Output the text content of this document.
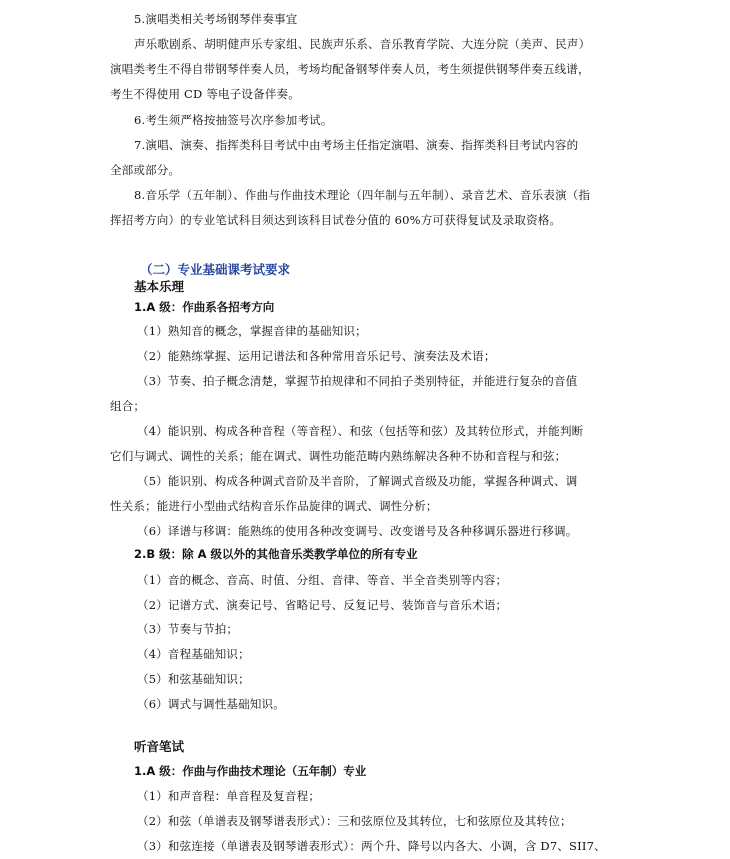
5.演唱类相关考场钢琴伴奏事宜
声乐歌剧系、胡明健声乐专家组、民族声乐系、音乐教育学院、大连分院（美声、民声）
演唱类考生不得自带钢琴伴奏人员，考场均配备钢琴伴奏人员，考生须提供钢琴伴奏五线谱，
考生不得使用 CD 等电子设备伴奏。
6.考生须严格按抽签号次序参加考试。
7.演唱、演奏、指挥类科目考试中由考场主任指定演唱、演奏、指挥类科目考试内容的
全部或部分。
8.音乐学（五年制）、作曲与作曲技术理论（四年制与五年制）、录音艺术、音乐表演（指
挥招考方向）的专业笔试科目须达到该科目试卷分值的 60%方可获得复试及录取资格。
（二）专业基础课考试要求
基本乐理
1.A 级：作曲系各招考方向
（1）熟知音的概念，掌握音律的基础知识；
（2）能熟练掌握、运用记谱法和各种常用音乐记号、演奏法及术语；
（3）节奏、拍子概念清楚，掌握节拍规律和不同拍子类别特征，并能进行复杂的音值
组合；
（4）能识别、构成各种音程（等音程）、和弦（包括等和弦）及其转位形式，并能判断
它们与调式、调性的关系；能在调式、调性功能范畴内熟练解决各种不协和音程与和弦；
（5）能识别、构成各种调式音阶及半音阶，了解调式音级及功能，掌握各种调式、调
性关系；能进行小型曲式结构音乐作品旋律的调式、调性分析；
（6）译谱与移调：能熟练的使用各种改变调号、改变谱号及各种移调乐器进行移调。
2.B 级：除 A 级以外的其他音乐类教学单位的所有专业
（1）音的概念、音高、时值、分组、音律、等音、半全音类别等内容；
（2）记谱方式、演奏记号、省略记号、反复记号、装饰音与音乐术语；
（3）节奏与节拍；
（4）音程基础知识；
（5）和弦基础知识；
（6）调式与调性基础知识。
听音笔试
1.A 级：作曲与作曲技术理论（五年制）专业
（1）和声音程：单音程及复音程；
（2）和弦（单谱表及钢琴谱表形式）：三和弦原位及其转位，七和弦原位及其转位；
（3）和弦连接（单谱表及钢琴谱表形式）：两个升、降号以内各大、小调，含 D7、SII7、
